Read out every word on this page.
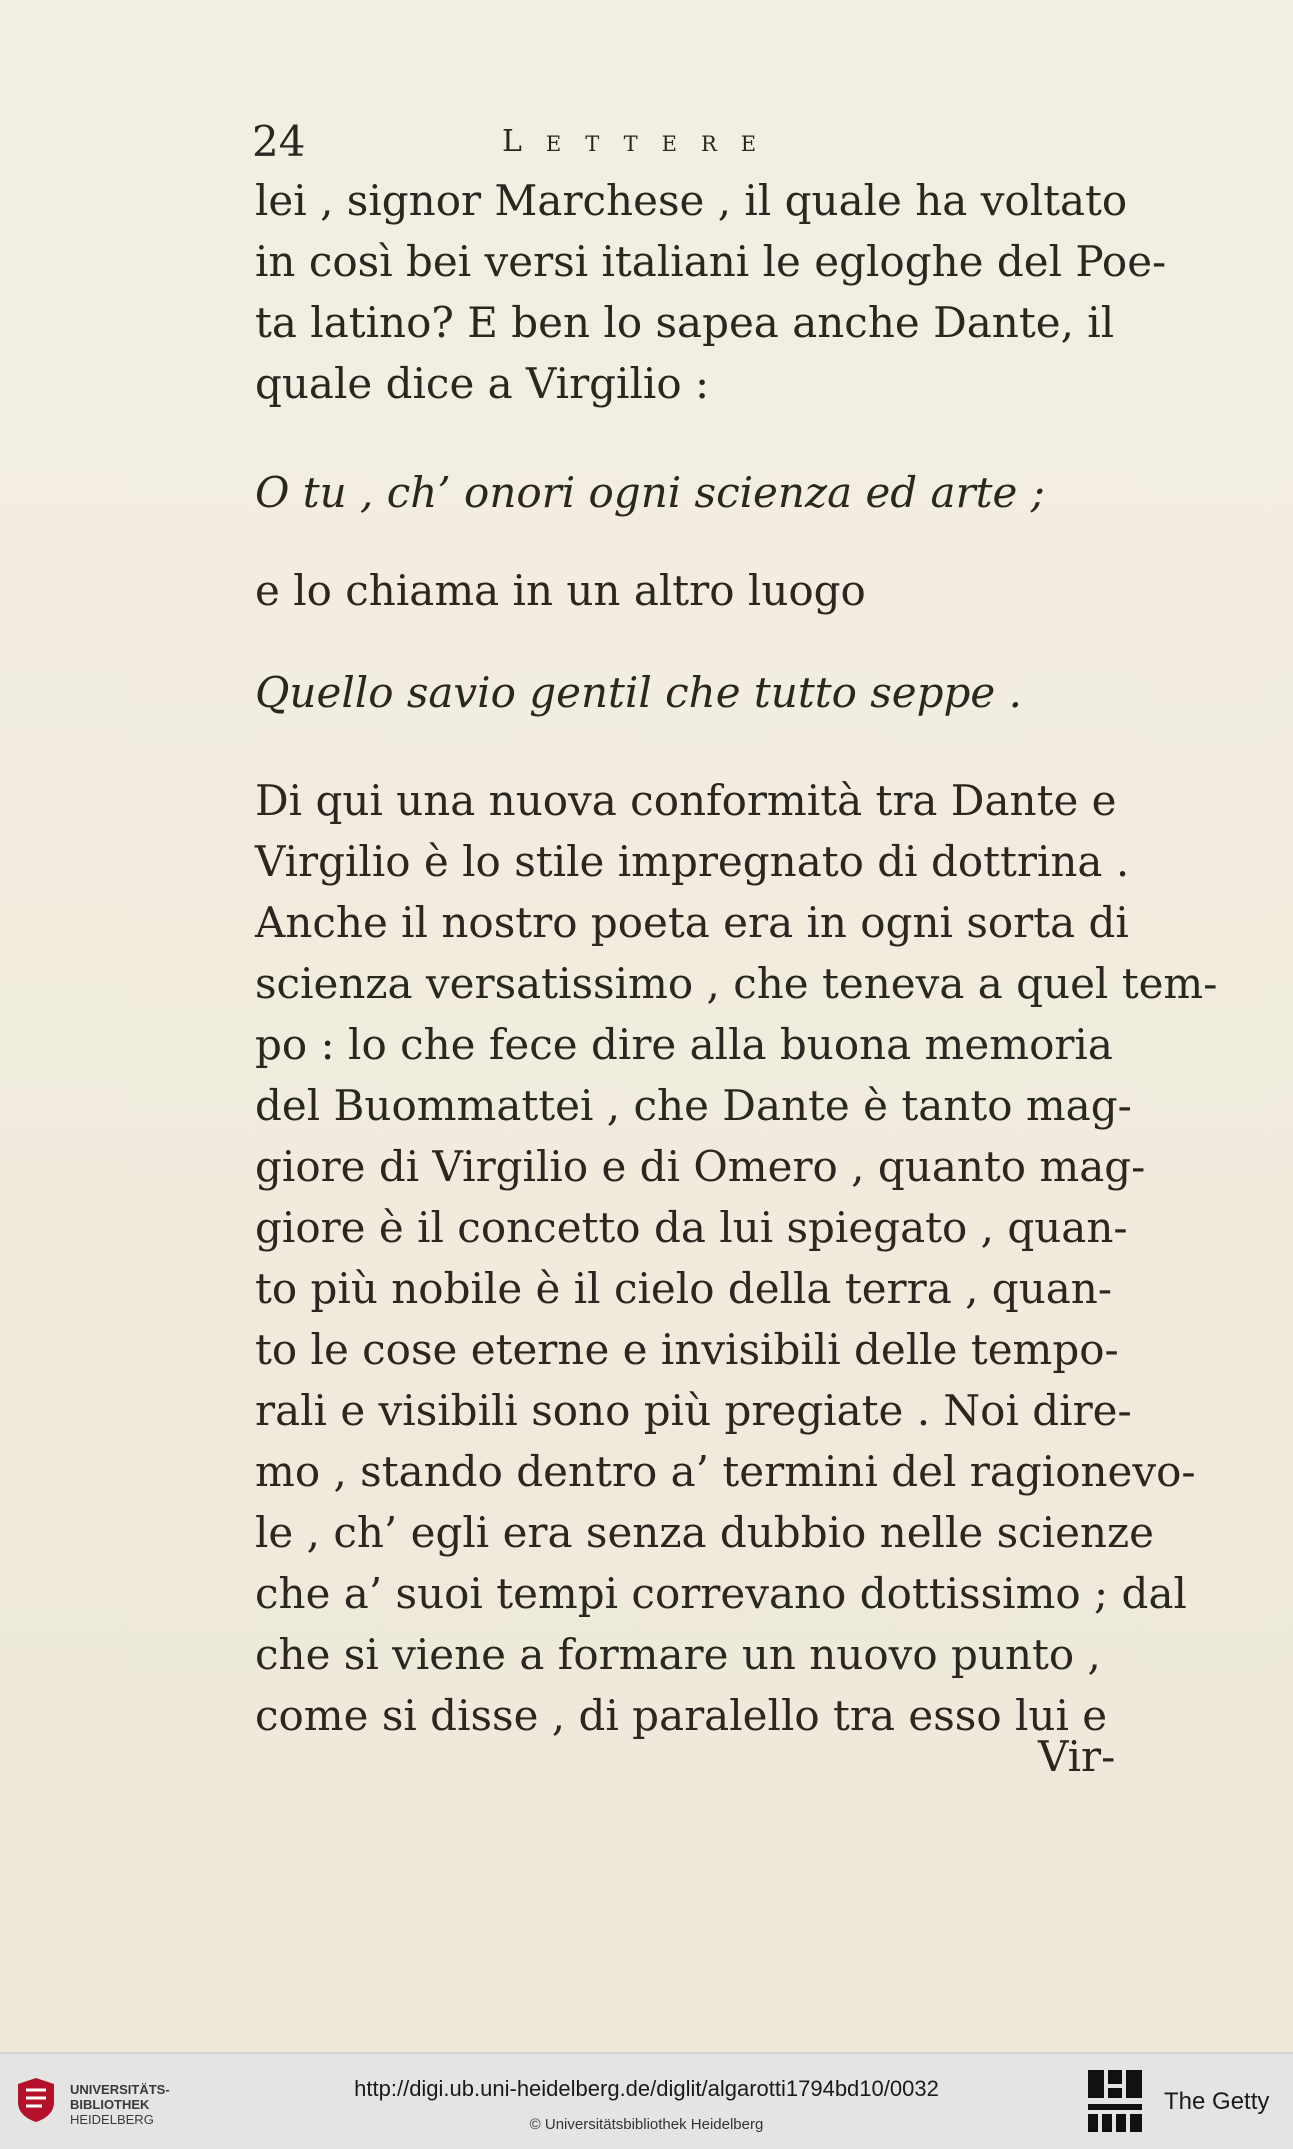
24	Lettere
lei , signor Marchese , il quale ha voltato
in così bei versi italiani le egloghe del Poe-
ta latino? E ben lo sapea anche Dante, il
quale dice a Virgilio :
O tu , ch’ onori ogni scienza ed arte ;
e lo chiama in un altro luogo
Quello savio gentil che tutto seppe .
Di qui una nuova conformità tra Dante e
Virgilio è lo stile impregnato di dottrina .
Anche il nostro poeta era in ogni sorta di
scienza versatissimo , che teneva a quel tem-
po : lo che fece dire alla buona memoria
del Buommattei , che Dante è tanto mag-
giore di Virgilio e di Omero , quanto mag-
giore è il concetto da lui spiegato , quan-
to più nobile è il cielo della terra , quan-
to le cose eterne e invisibili delle tempo-
rali e visibili sono più pregiate . Noi dire-
mo , stando dentro a’ termini del ragionevo-
le , ch’ egli era senza dubbio nelle scienze
che a’ suoi tempi correvano dottissimo ; dal
che si viene a formare un nuovo punto ,
come si disse , di paralello tra esso lui e
Vir-
UNIVERSITÄTS-
BIBLIOTHEK
HEIDELBERG
http://digi.ub.uni-heidelberg.de/diglit/algarotti1794bd10/0032
© Universitätsbibliothek Heidelberg
The Getty
